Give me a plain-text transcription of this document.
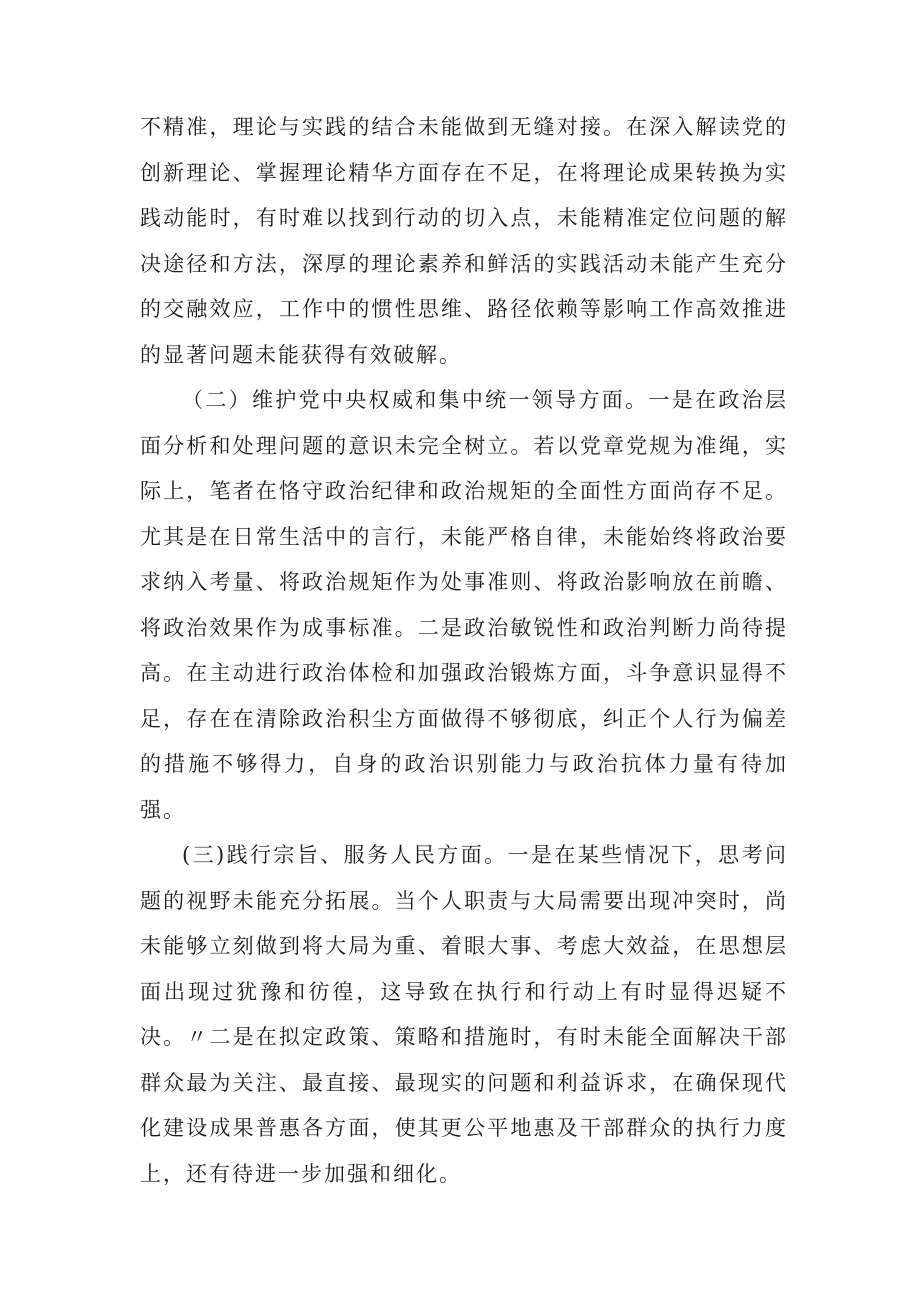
不精准，理论与实践的结合未能做到无缝对接。在深入解读党的创新理论、掌握理论精华方面存在不足，在将理论成果转换为实践动能时，有时难以找到行动的切入点，未能精准定位问题的解决途径和方法，深厚的理论素养和鲜活的实践活动未能产生充分的交融效应，工作中的惯性思维、路径依赖等影响工作高效推进的显著问题未能获得有效破解。

（二）维护党中央权威和集中统一领导方面。一是在政治层面分析和处理问题的意识未完全树立。若以党章党规为准绳，实际上，笔者在恪守政治纪律和政治规矩的全面性方面尚存不足。尤其是在日常生活中的言行，未能严格自律，未能始终将政治要求纳入考量、将政治规矩作为处事准则、将政治影响放在前瞻、将政治效果作为成事标准。二是政治敏锐性和政治判断力尚待提高。在主动进行政治体检和加强政治锻炼方面，斗争意识显得不足，存在在清除政治积尘方面做得不够彻底，纠正个人行为偏差的措施不够得力，自身的政治识别能力与政治抗体力量有待加强。

(三)践行宗旨、服务人民方面。一是在某些情况下，思考问题的视野未能充分拓展。当个人职责与大局需要出现冲突时，尚未能够立刻做到将大局为重、着眼大事、考虑大效益，在思想层面出现过犹豫和彷徨，这导致在执行和行动上有时显得迟疑不决。〃二是在拟定政策、策略和措施时，有时未能全面解决干部群众最为关注、最直接、最现实的问题和利益诉求，在确保现代化建设成果普惠各方面，使其更公平地惠及干部群众的执行力度上，还有待进一步加强和细化。
